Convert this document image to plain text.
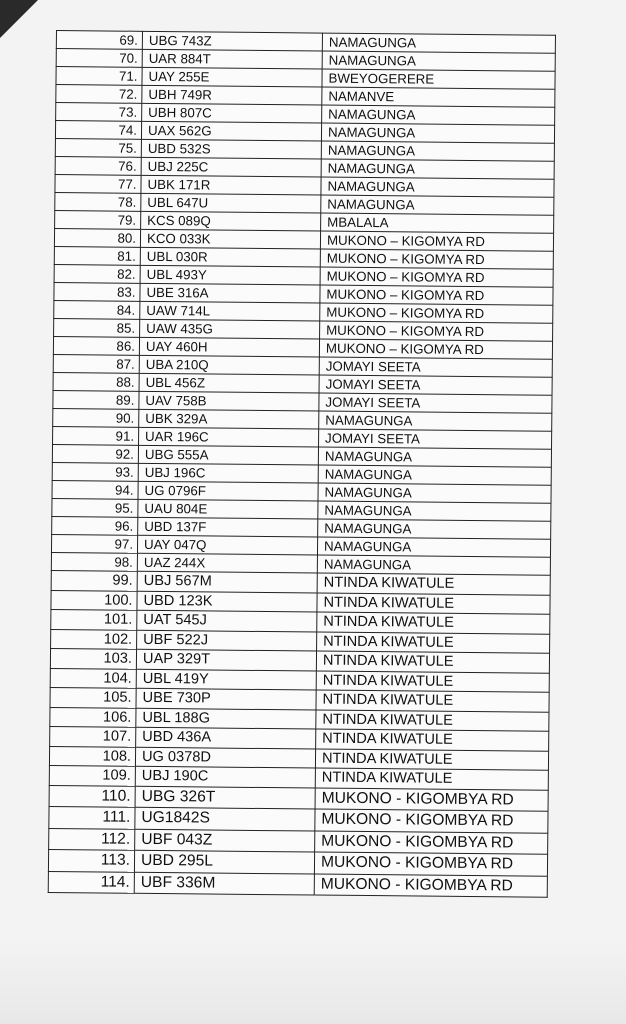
69.	UBG 743Z	NAMAGUNGA
70.	UAR 884T	NAMAGUNGA
71.	UAY 255E	BWEYOGERERE
72.	UBH 749R	NAMANVE
73.	UBH 807C	NAMAGUNGA
74.	UAX 562G	NAMAGUNGA
75.	UBD 532S	NAMAGUNGA
76.	UBJ 225C	NAMAGUNGA
77.	UBK 171R	NAMAGUNGA
78.	UBL 647U	NAMAGUNGA
79.	KCS 089Q	MBALALA
80.	KCO 033K	MUKONO – KIGOMYA RD
81.	UBL 030R	MUKONO – KIGOMYA RD
82.	UBL 493Y	MUKONO – KIGOMYA RD
83.	UBE 316A	MUKONO – KIGOMYA RD
84.	UAW 714L	MUKONO – KIGOMYA RD
85.	UAW 435G	MUKONO – KIGOMYA RD
86.	UAY 460H	MUKONO – KIGOMYA RD
87.	UBA 210Q	JOMAYI SEETA
88.	UBL 456Z	JOMAYI SEETA
89.	UAV 758B	JOMAYI SEETA
90.	UBK 329A	NAMAGUNGA
91.	UAR 196C	JOMAYI SEETA
92.	UBG 555A	NAMAGUNGA
93.	UBJ 196C	NAMAGUNGA
94.	UG 0796F	NAMAGUNGA
95.	UAU 804E	NAMAGUNGA
96.	UBD 137F	NAMAGUNGA
97.	UAY 047Q	NAMAGUNGA
98.	UAZ 244X	NAMAGUNGA
99.	UBJ 567M	NTINDA KIWATULE
100.	UBD 123K	NTINDA KIWATULE
101.	UAT 545J	NTINDA KIWATULE
102.	UBF 522J	NTINDA KIWATULE
103.	UAP 329T	NTINDA KIWATULE
104.	UBL 419Y	NTINDA KIWATULE
105.	UBE 730P	NTINDA KIWATULE
106.	UBL 188G	NTINDA KIWATULE
107.	UBD 436A	NTINDA KIWATULE
108.	UG 0378D	NTINDA KIWATULE
109.	UBJ 190C	NTINDA KIWATULE
110.	UBG 326T	MUKONO - KIGOMBYA RD
111.	UG1842S	MUKONO - KIGOMBYA RD
112.	UBF 043Z	MUKONO - KIGOMBYA RD
113.	UBD 295L	MUKONO - KIGOMBYA RD
114.	UBF 336M	MUKONO - KIGOMBYA RD
